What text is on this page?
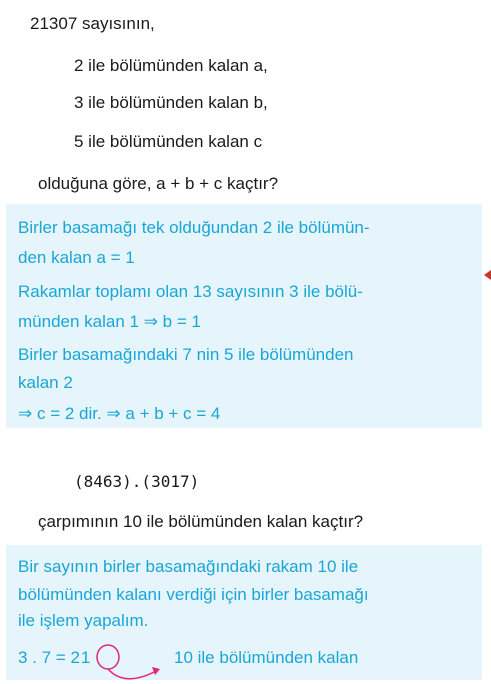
21307 sayısının,
2 ile bölümünden kalan a,
3 ile bölümünden kalan b,
5 ile bölümünden kalan c
olduğuna göre, a + b + c kaçtır?
Birler basamağı tek olduğundan 2 ile bölümün-
den kalan a = 1
Rakamlar toplamı olan 13 sayısının 3 ile bölü-
münden kalan 1 ⇒ b = 1
Birler basamağındaki 7 nin 5 ile bölümünden
kalan 2
⇒ c = 2 dir. ⇒ a + b + c = 4
(8463).(3017)
çarpımının 10 ile bölümünden kalan kaçtır?
Bir sayının birler basamağındaki rakam 10 ile
bölümünden kalanı verdiği için birler basamağı
ile işlem yapalım.
3 . 7 = 21	10 ile bölümünden kalan
